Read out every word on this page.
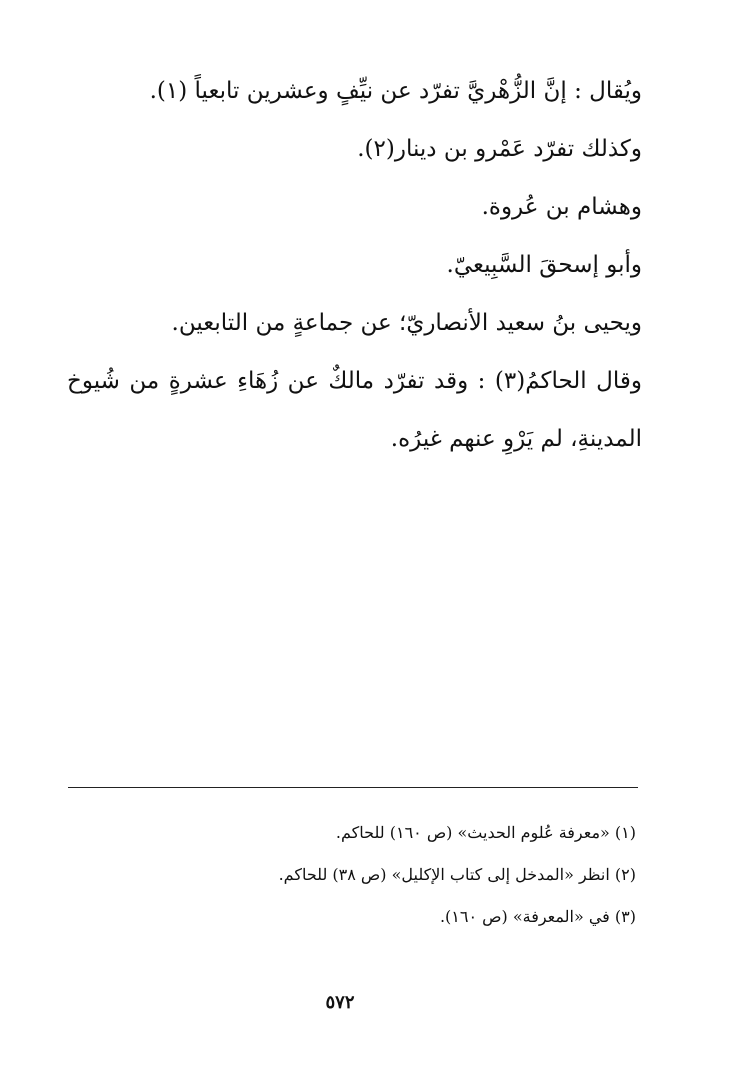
ويُقال : إنَّ الزُّهْريَّ تفرّد عن نيِّفٍ وعشرين تابعياً (١).
وكذلك تفرّد عَمْرو بن دينار(٢).
وهشام بن عُروة.
وأبو إسحقَ السَّبِيعيّ.
ويحيى بنُ سعيد الأنصاريّ؛ عن جماعةٍ من التابعين.
وقال الحاكمُ(٣) : وقد تفرّد مالكٌ عن زُهَاءِ عشرةٍ من شُيوخ المدينةِ، لم يَرْوِ عنهم غيرُه.
(١) «معرفة عُلوم الحديث» (ص ١٦٠) للحاكم.
(٢) انظر «المدخل إلى كتاب الإكليل» (ص ٣٨) للحاكم.
(٣) في «المعرفة» (ص ١٦٠).
٥٧٢
